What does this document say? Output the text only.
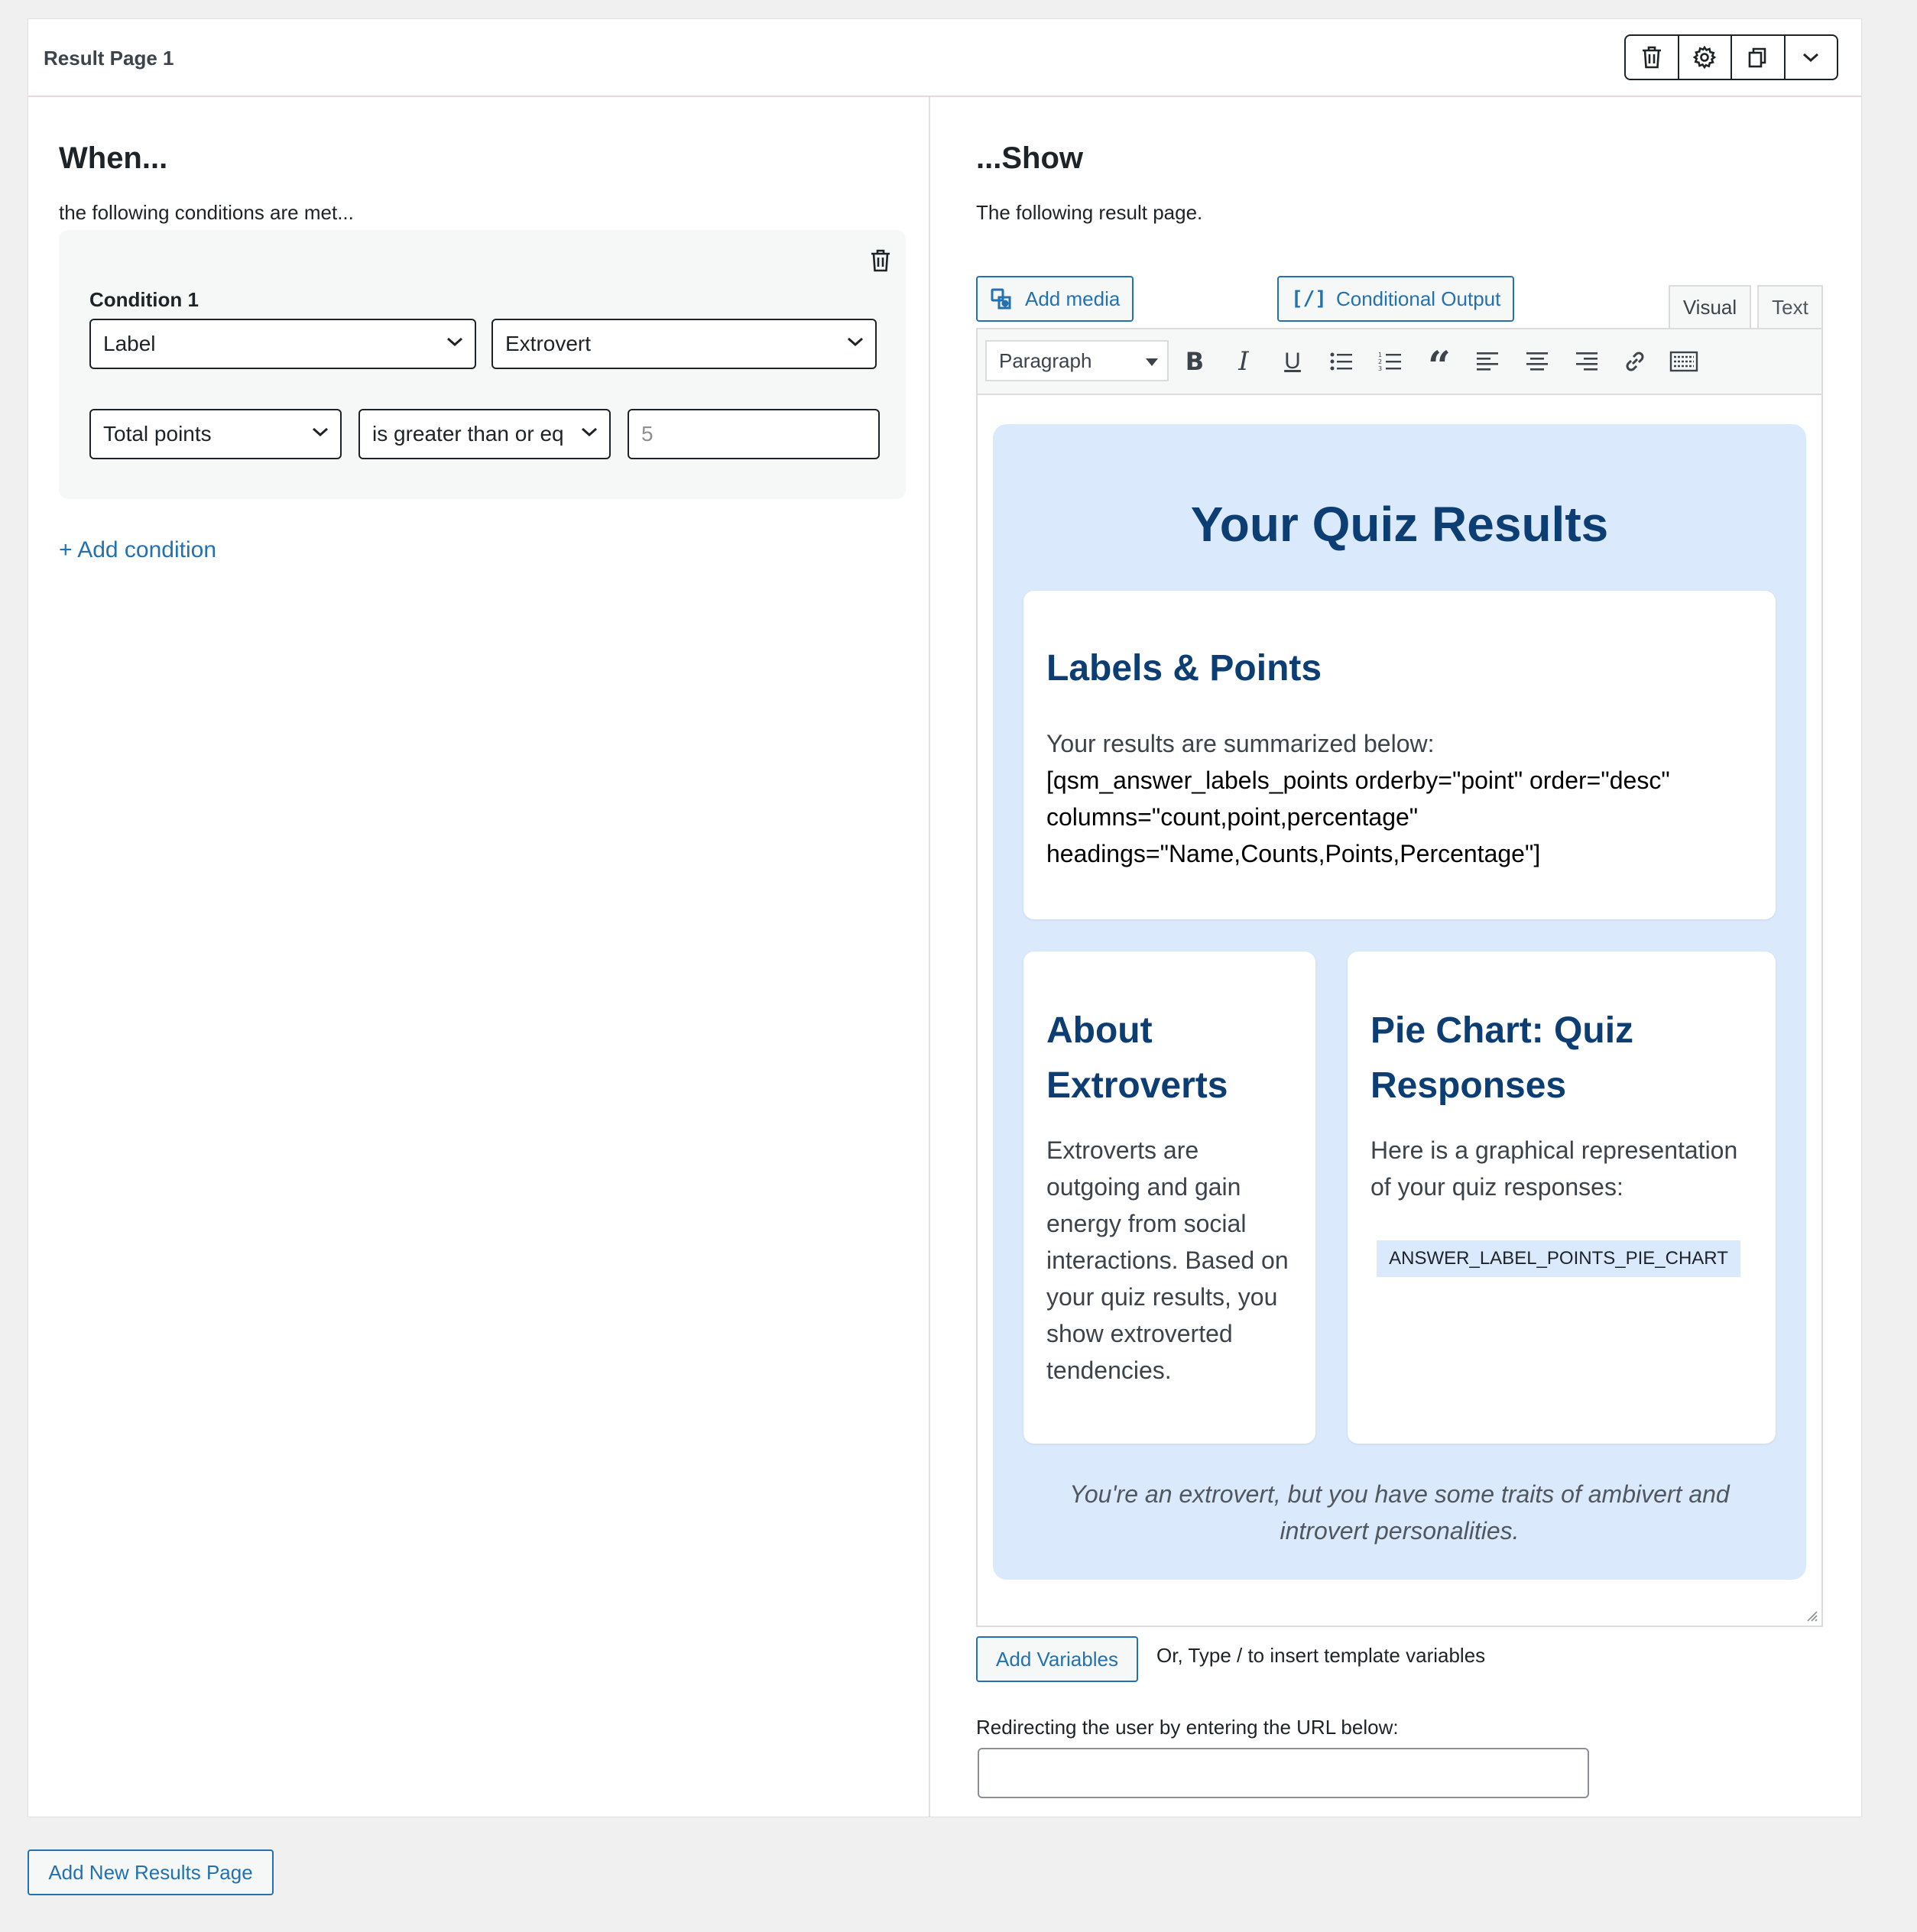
Result Page 1
When...
the following conditions are met...
Condition 1
Label	Extrovert
Total points	is greater than or eq	5
+ Add condition
...Show
The following result page.
Add media	[/] Conditional Output	Visual	Text
Paragraph	B I U	1
2
3 “
Your Quiz Results
Labels & Points

Your results are summarized below:

[qsm_answer_labels_points orderby="point" order="desc"

columns="count,point,percentage"

headings="Name,Counts,Points,Percentage"]

About
Extroverts

Extroverts are

outgoing and gain

energy from social

interactions. Based on

your quiz results, you

show extroverted

tendencies.

Pie Chart: Quiz
Responses

Here is a graphical representation

of your quiz responses:

ANSWER_LABEL_POINTS_PIE_CHART
You're an extrovert, but you have some traits of ambivert and
introvert personalities.
Add Variables	Or, Type / to insert template variables
Redirecting the user by entering the URL below:
Add New Results Page
